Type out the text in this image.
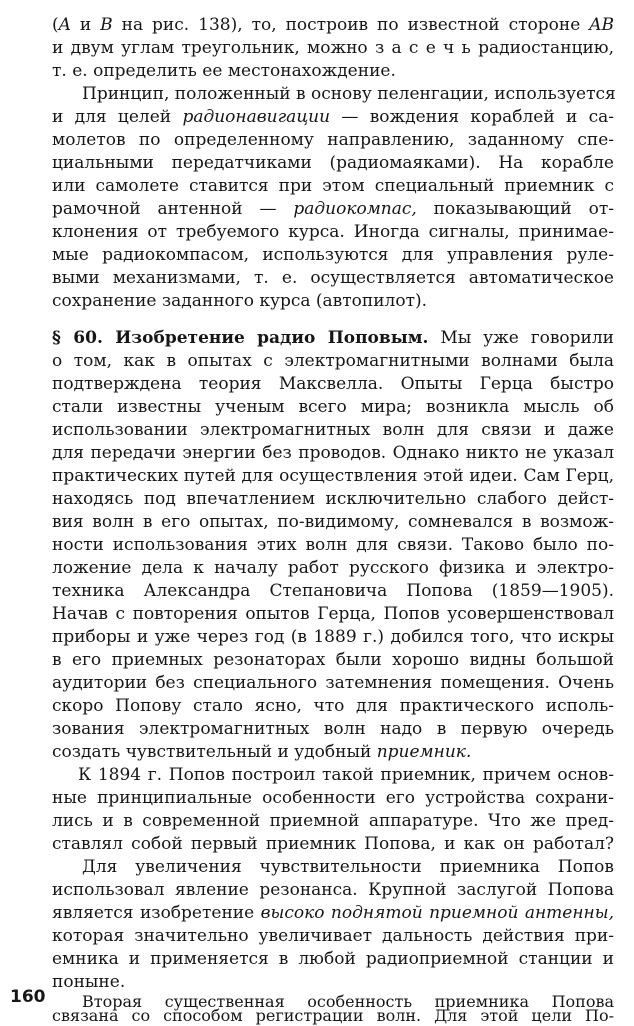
(A и B на рис. 138), то, построив по известной стороне AB
и двум углам треугольник, можно з а с е ч ь радиостанцию,
т. е. определить ее местонахождение.
Принцип, положенный в основу пеленгации, используется
и для целей радионавигации — вождения кораблей и са-
молетов по определенному направлению, заданному спе-
циальными передатчиками (радиомаяками). На корабле
или самолете ставится при этом специальный приемник с
рамочной антенной — радиокомпас, показывающий от-
клонения от требуемого курса. Иногда сигналы, принимае-
мые радиокомпасом, используются для управления руле-
выми механизмами, т. е. осуществляется автоматическое
сохранение заданного курса (автопилот).
§ 60. Изобретение радио Поповым. Мы уже говорили
о том, как в опытах с электромагнитными волнами была
подтверждена теория Максвелла. Опыты Герца быстро
стали известны ученым всего мира; возникла мысль об
использовании электромагнитных волн для связи и даже
для передачи энергии без проводов. Однако никто не указал
практических путей для осуществления этой идеи. Сам Герц,
находясь под впечатлением исключительно слабого дейст-
вия волн в его опытах, по-видимому, сомневался в возмож-
ности использования этих волн для связи. Таково было по-
ложение дела к началу работ русского физика и электро-
техника Александра Степановича Попова (1859—1905).
Начав с повторения опытов Герца, Попов усовершенствовал
приборы и уже через год (в 1889 г.) добился того, что искры
в его приемных резонаторах были хорошо видны большой
аудитории без специального затемнения помещения. Очень
скоро Попову стало ясно, что для практического исполь-
зования электромагнитных волн надо в первую очередь
создать чувствительный и удобный приемник.
К 1894 г. Попов построил такой приемник, причем основ-
ные принципиальные особенности его устройства сохрани-
лись и в современной приемной аппаратуре. Что же пред-
ставлял собой первый приемник Попова, и как он работал?
Для увеличения чувствительности приемника Попов
использовал явление резонанса. Крупной заслугой Попова
является изобретение высоко поднятой приемной антенны,
которая значительно увеличивает дальность действия при-
емника и применяется в любой радиоприемной станции и
поныне.
Вторая существенная особенность приемника Попова
связана со способом регистрации волн. Для этой цели По-
160
